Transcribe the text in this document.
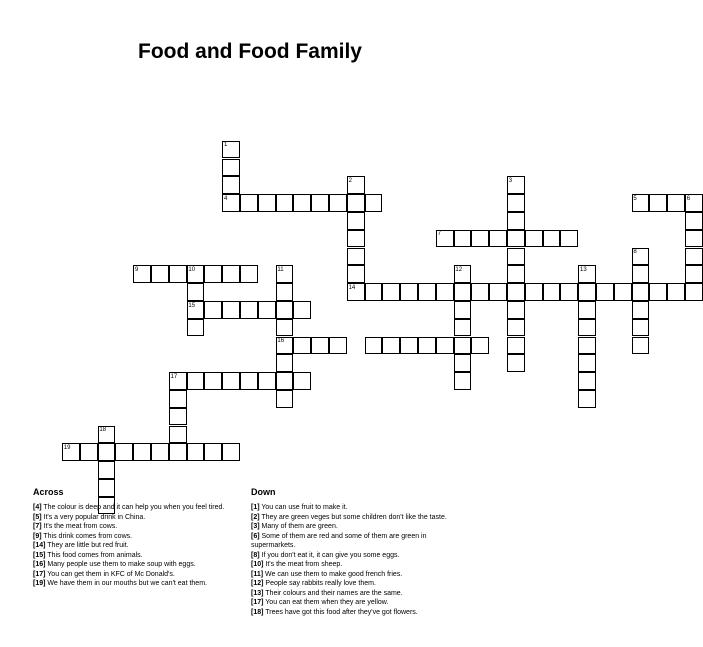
Food and Food Family
1
2	3
4	5	6
7
8
9	10	11	12	13
14
15
16
17
18
19
Across
[4] The colour is deep and it can help you when you feel tired.
[5] It's a very popular drink in China.
[7] It's the meat from cows.
[9] This drink comes from cows.
[14] They are little but red fruit.
[15] This food comes from animals.
[16] Many people use them to make soup with eggs.
[17] You can get them in KFC of Mc Donald's.
[19] We have them in our mouths but we can't eat them.
Down
[1] You can use fruit to make it.
[2] They are green veges but some children don't like the taste.
[3] Many of them are green.
[6] Some of them are red and some of them are green in supermarkets.
[8] If you don't eat it, it can give you some eggs.
[10] It's the meat from sheep.
[11] We can use them to make good french fries.
[12] People say rabbits really love them.
[13] Their colours and their names are the same.
[17] You can eat them when they are yellow.
[18] Trees have got this food after they've got flowers.
